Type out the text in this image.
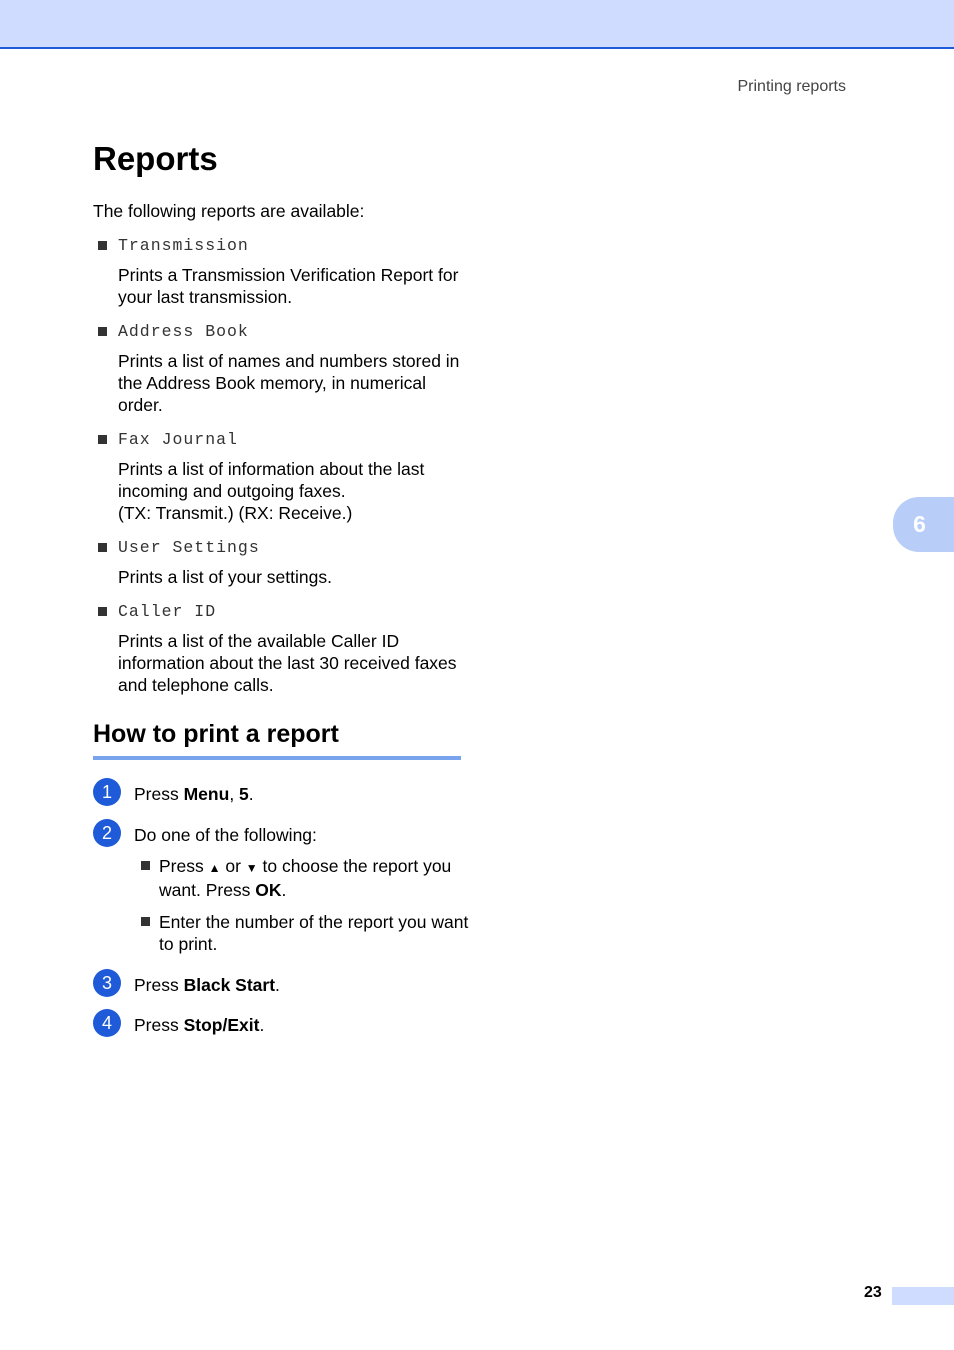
Printing reports
Reports

The following reports are available:

Transmission
Prints a Transmission Verification Report for your last transmission.
Address Book
Prints a list of names and numbers stored in the Address Book memory, in numerical order.
Fax Journal
Prints a list of information about the last incoming and outgoing faxes.
(TX: Transmit.) (RX: Receive.)
User Settings
Prints a list of your settings.
Caller ID
Prints a list of the available Caller ID information about the last 30 received faxes and telephone calls.
How to print a report
1	Press Menu, 5.
2	Do one of the following:
Press ▲ or ▼ to choose the report you want. Press OK.
Enter the number of the report you want to print.
3	Press Black Start.
4	Press Stop/Exit.
6
23
